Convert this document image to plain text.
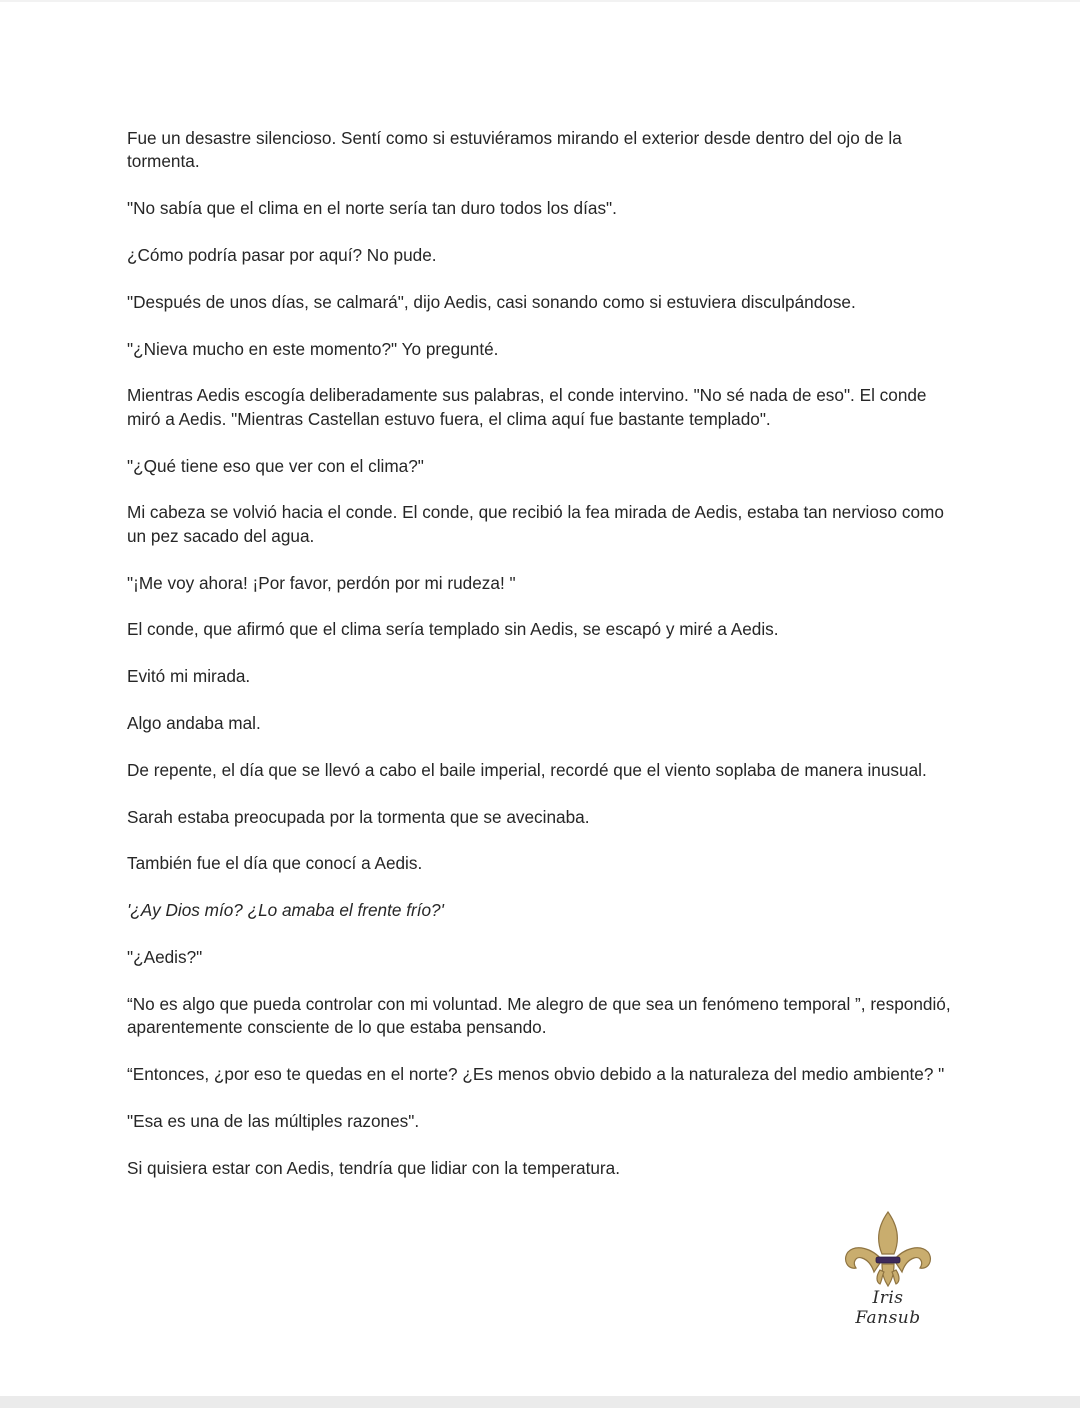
Fue un desastre silencioso. Sentí como si estuviéramos mirando el exterior desde dentro del ojo de la tormenta.

"No sabía que el clima en el norte sería tan duro todos los días".

¿Cómo podría pasar por aquí? No pude.

"Después de unos días, se calmará", dijo Aedis, casi sonando como si estuviera disculpándose.

"¿Nieva mucho en este momento?" Yo pregunté.

Mientras Aedis escogía deliberadamente sus palabras, el conde intervino. "No sé nada de eso". El conde miró a Aedis. "Mientras Castellan estuvo fuera, el clima aquí fue bastante templado".

"¿Qué tiene eso que ver con el clima?"

Mi cabeza se volvió hacia el conde. El conde, que recibió la fea mirada de Aedis, estaba tan nervioso como un pez sacado del agua.

"¡Me voy ahora! ¡Por favor, perdón por mi rudeza! "

El conde, que afirmó que el clima sería templado sin Aedis, se escapó y miré a Aedis.

Evitó mi mirada.

Algo andaba mal.

De repente, el día que se llevó a cabo el baile imperial, recordé que el viento soplaba de manera inusual.

Sarah estaba preocupada por la tormenta que se avecinaba.

También fue el día que conocí a Aedis.

'¿Ay Dios mío? ¿Lo amaba el frente frío?'

"¿Aedis?"

“No es algo que pueda controlar con mi voluntad. Me alegro de que sea un fenómeno temporal ”, respondió, aparentemente consciente de lo que estaba pensando.

“Entonces, ¿por eso te quedas en el norte? ¿Es menos obvio debido a la naturaleza del medio ambiente? "

"Esa es una de las múltiples razones".

Si quisiera estar con Aedis, tendría que lidiar con la temperatura.

Iris Fansub
